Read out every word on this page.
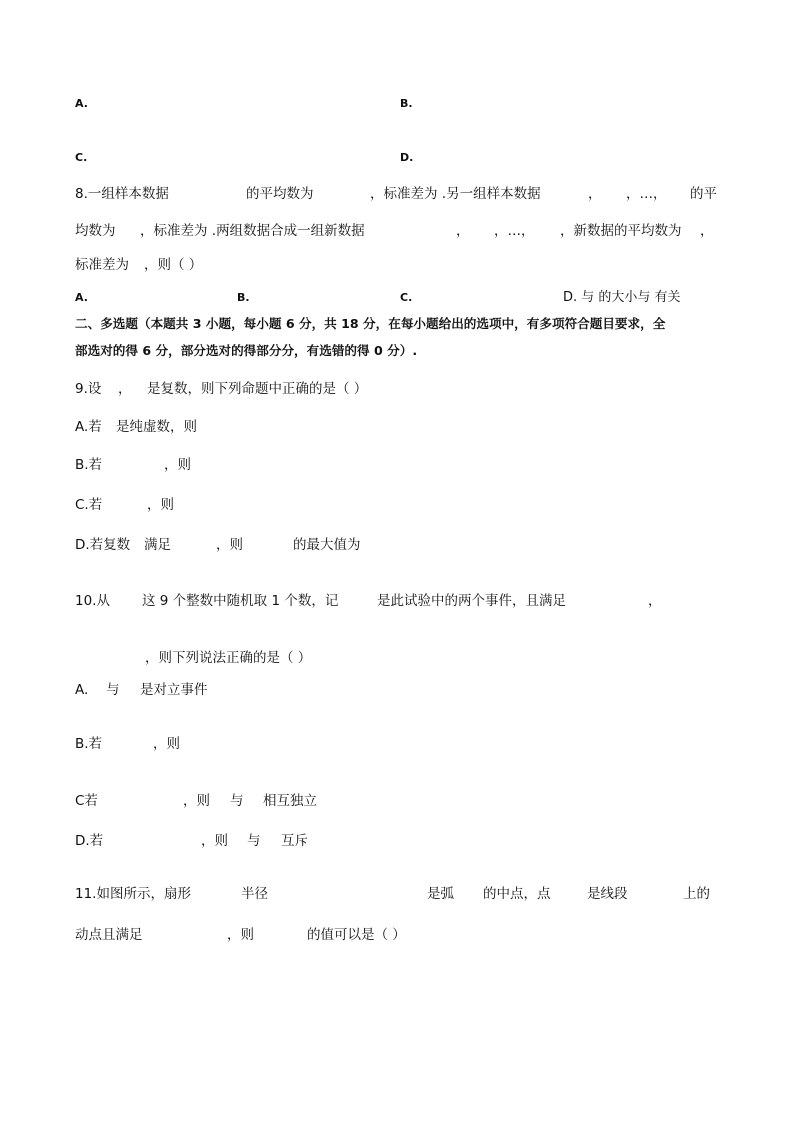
A.	B.
C.	D.
8.一组样本数据	的平均数为	，标准差为 .另一组样本数据	， ，…， 的平
均数为 ，标准差为 .两组数据合成一组新数据	， ，…， ，新数据的平均数为 ，
标准差为 ，则（ ）
A.	B.	C.	D. 与 的大小与 有关
二、多选题（本题共 3 小题，每小题 6 分，共 18 分，在每小题给出的选项中，有多项符合题目要求，全
部选对的得 6 分，部分选对的得部分分，有选错的得 0 分）.
9.设 ， 是复数，则下列命题中正确的是（ ）
A.若 是纯虚数，则
B.若	，则
C.若	，则
D.若复数 满足	，则	的最大值为
10.从 这 9 个整数中随机取 1 个数，记	是此试验中的两个事件，且满足	，
，则下列说法正确的是（ ）
A. 与 是对立事件
B.若	，则
C若	，则 与 相互独立
D.若	，则 与 互斥
11.如图所示，扇形	半径	是弧 的中点，点	是线段	上的
动点且满足	，则	的值可以是（ ）
